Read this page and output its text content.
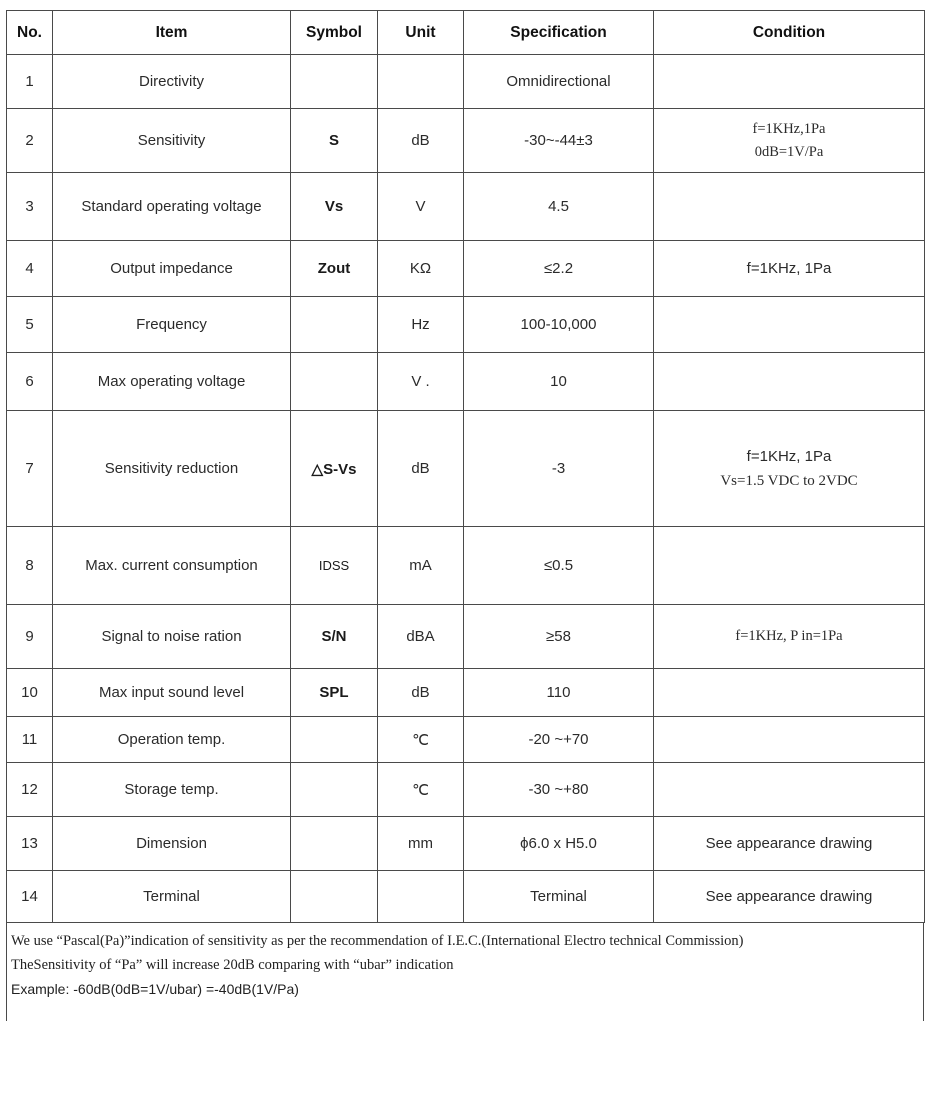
No.	Item	Symbol	Unit	Specification	Condition
1	Directivity			Omnidirectional	
2	Sensitivity	S	dB	-30~-44±3	f=1KHz,1Pa
0dB=1V/Pa

3	Standard operating voltage	Vs	V	4.5	
4	Output impedance	Zout	KΩ	≤2.2	f=1KHz, 1Pa
5	Frequency		Hz	100-10,000	
6	Max operating voltage		V .	10	
7	Sensitivity reduction	△S-Vs	dB	-3	f=1KHz, 1Pa
Vs=1.5 VDC to 2VDC

8	Max. current consumption	IDSS	mA	≤0.5	
9	Signal to noise ration	S/N	dBA	≥58	f=1KHz, P in=1Pa
10	Max input sound level	SPL	dB	110	
11	Operation temp.		℃	-20 ~+70	
12	Storage temp.		℃	-30 ~+80	
13	Dimension		mm	ϕ6.0 x H5.0	See appearance drawing
14	Terminal			Terminal	See appearance drawing

We use “Pascal(Pa)”indication of sensitivity as per the recommendation of I.E.C.(International Electro technical Commission)

TheSensitivity of “Pa” will increase 20dB comparing with “ubar” indication

Example: -60dB(0dB=1V/ubar) =-40dB(1V/Pa)
